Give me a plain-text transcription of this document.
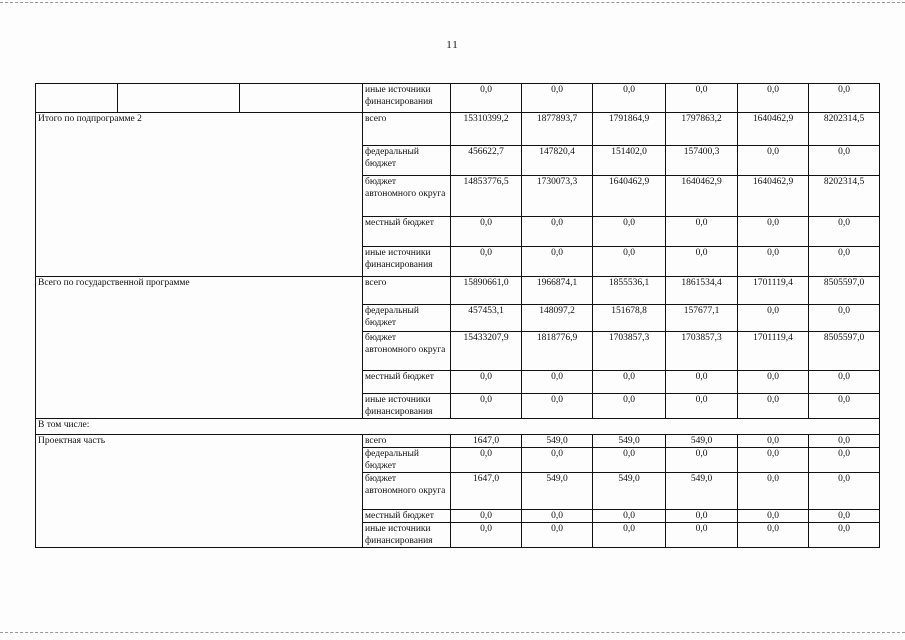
11
			иные источники финансирования	0,0	0,0	0,0	0,0	0,0	0,0
Итого по подпрограмме 2			всего	15310399,2	1877893,7	1791864,9	1797863,2	1640462,9	8202314,5
			федеральный бюджет	456622,7	147820,4	151402,0	157400,3	0,0	0,0
			бюджет автономного округа	14853776,5	1730073,3	1640462,9	1640462,9	1640462,9	8202314,5
			местный бюджет	0,0	0,0	0,0	0,0	0,0	0,0
			иные источники финансирования	0,0	0,0	0,0	0,0	0,0	0,0
Всего по государственной программе			всего	15890661,0	1966874,1	1855536,1	1861534,4	1701119,4	8505597,0
			федеральный бюджет	457453,1	148097,2	151678,8	157677,1	0,0	0,0
			бюджет автономного округа	15433207,9	1818776,9	1703857,3	1703857,3	1701119,4	8505597,0
			местный бюджет	0,0	0,0	0,0	0,0	0,0	0,0
			иные источники финансирования	0,0	0,0	0,0	0,0	0,0	0,0
В том числе:									
Проектная часть			всего	1647,0	549,0	549,0	549,0	0,0	0,0
			федеральный бюджет	0,0	0,0	0,0	0,0	0,0	0,0
			бюджет автономного округа	1647,0	549,0	549,0	549,0	0,0	0,0
			местный бюджет	0,0	0,0	0,0	0,0	0,0	0,0
			иные источники финансирования	0,0	0,0	0,0	0,0	0,0	0,0
